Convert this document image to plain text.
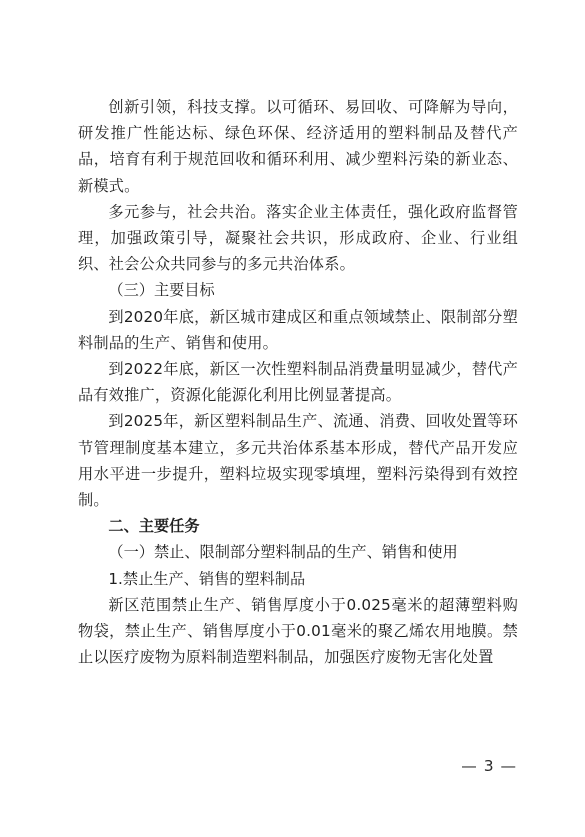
创新引领，科技支撑。以可循环、易回收、可降解为导向，研发推广性能达标、绿色环保、经济适用的塑料制品及替代产品，培育有利于规范回收和循环利用、减少塑料污染的新业态、新模式。

多元参与，社会共治。落实企业主体责任，强化政府监督管理，加强政策引导，凝聚社会共识，形成政府、企业、行业组织、社会公众共同参与的多元共治体系。

（三）主要目标

到2020年底，新区城市建成区和重点领域禁止、限制部分塑料制品的生产、销售和使用。

到2022年底，新区一次性塑料制品消费量明显减少，替代产品有效推广，资源化能源化利用比例显著提高。

到2025年，新区塑料制品生产、流通、消费、回收处置等环节管理制度基本建立，多元共治体系基本形成，替代产品开发应用水平进一步提升，塑料垃圾实现零填埋，塑料污染得到有效控制。

二、主要任务

（一）禁止、限制部分塑料制品的生产、销售和使用

1.禁止生产、销售的塑料制品

新区范围禁止生产、销售厚度小于0.025毫米的超薄塑料购物袋，禁止生产、销售厚度小于0.01毫米的聚乙烯农用地膜。禁止以医疗废物为原料制造塑料制品，加强医疗废物无害化处置

— 3 —
